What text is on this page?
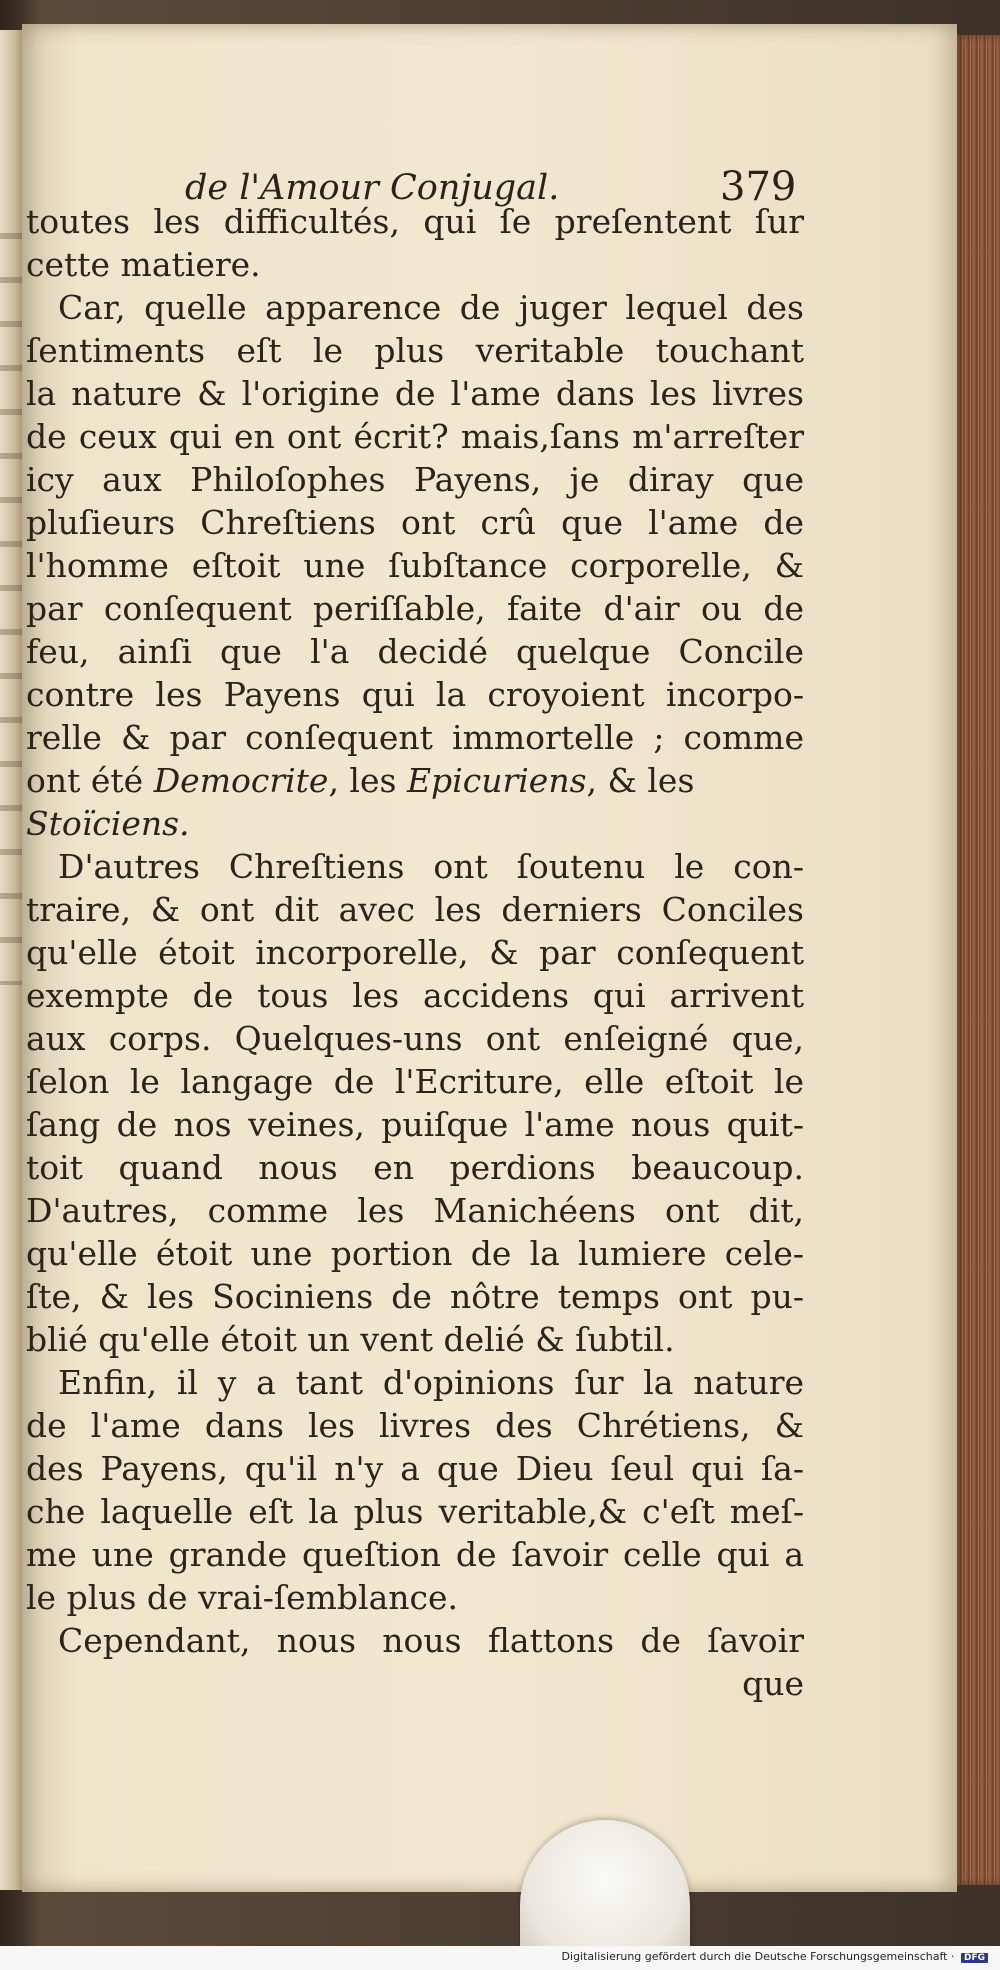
de l'Amour Conjugal.	379
toutes les difficultés, qui ſe preſentent ſur
cette matiere.
Car, quelle apparence de juger lequel des
ſentiments eſt le plus veritable touchant
la nature & l'origine de l'ame dans les livres
de ceux qui en ont écrit? mais,ſans m'arreſter
icy aux Philoſophes Payens, je diray que
pluſieurs Chreſtiens ont crû que l'ame de
l'homme eſtoit une ſubſtance corporelle, &
par conſequent periſſable, faite d'air ou de
feu, ainſi que l'a decidé quelque Concile
contre les Payens qui la croyoient incorpo-
relle & par conſequent immortelle ; comme
ont été Democrite, les Epicuriens, & les
Stoïciens.
D'autres Chreſtiens ont ſoutenu le con-
traire, & ont dit avec les derniers Conciles
qu'elle étoit incorporelle, & par conſequent
exempte de tous les accidens qui arrivent
aux corps. Quelques-uns ont enſeigné que,
ſelon le langage de l'Ecriture, elle eſtoit le
ſang de nos veines, puiſque l'ame nous quit-
toit quand nous en perdions beaucoup.
D'autres, comme les Manichéens ont dit,
qu'elle étoit une portion de la lumiere cele-
ſte, & les Sociniens de nôtre temps ont pu-
blié qu'elle étoit un vent delié & ſubtil.
Enfin, il y a tant d'opinions ſur la nature
de l'ame dans les livres des Chrétiens, &
des Payens, qu'il n'y a que Dieu ſeul qui ſa-
che laquelle eſt la plus veritable,& c'eſt meſ-
me une grande queſtion de ſavoir celle qui a
le plus de vrai-ſemblance.
Cependant, nous nous flattons de ſavoir
que
Digitalisierung gefördert durch die Deutsche Forschungsgemeinschaft · DFG
